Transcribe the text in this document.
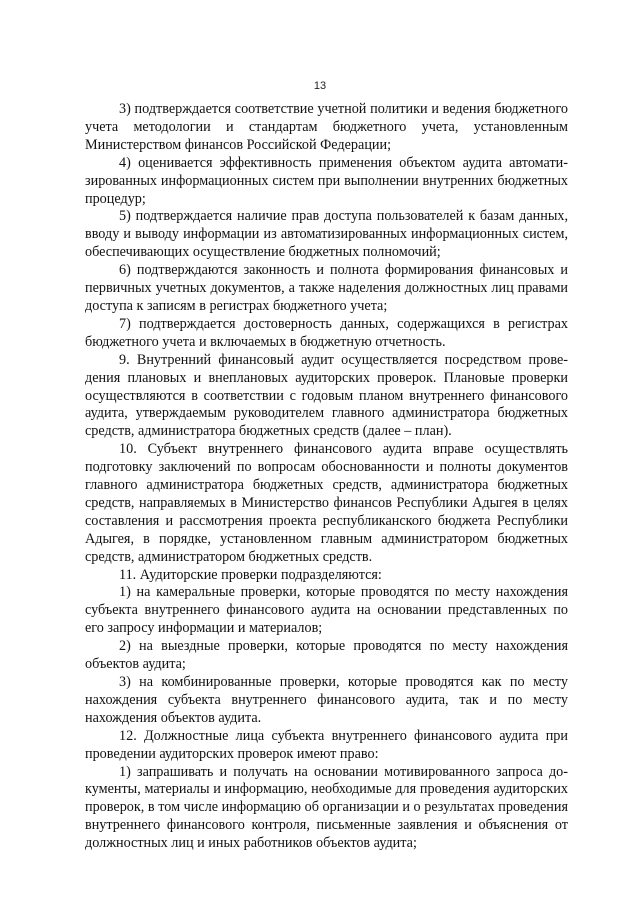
13

3) подтверждается соответствие учетной политики и ведения бюджетного учета методологии и стандартам бюджетного учета, установленным Министерством финансов Российской Федерации;

4) оценивается эффективность применения объектом аудита автоматизированных информационных систем при выполнении внутренних бюджетных процедур;

5) подтверждается наличие прав доступа пользователей к базам данных, вводу и выводу информации из автоматизированных информационных систем, обеспечивающих осуществление бюджетных полномочий;

6) подтверждаются законность и полнота формирования финансовых и первичных учетных документов, а также наделения должностных лиц правами доступа к записям в регистрах бюджетного учета;

7) подтверждается достоверность данных, содержащихся в регистрах бюджетного учета и включаемых в бюджетную отчетность.

9. Внутренний финансовый аудит осуществляется посредством проведения плановых и внеплановых аудиторских проверок. Плановые проверки осуществляются в соответствии с годовым планом внутреннего финансового аудита, утверждаемым руководителем главного администратора бюджетных средств, администратора бюджетных средств (далее – план).

10. Субъект внутреннего финансового аудита вправе осуществлять подготовку заключений по вопросам обоснованности и полноты документов главного администратора бюджетных средств, администратора бюджетных средств, направляемых в Министерство финансов Республики Адыгея в целях составления и рассмотрения проекта республиканского бюджета Республики Адыгея, в порядке, установленном главным администратором бюджетных средств, администратором бюджетных средств.

11. Аудиторские проверки подразделяются:

1) на камеральные проверки, которые проводятся по месту нахождения субъекта внутреннего финансового аудита на основании представленных по его запросу информации и материалов;

2) на выездные проверки, которые проводятся по месту нахождения объектов аудита;

3) на комбинированные проверки, которые проводятся как по месту нахождения субъекта внутреннего финансового аудита, так и по месту нахождения объектов аудита.

12. Должностные лица субъекта внутреннего финансового аудита при проведении аудиторских проверок имеют право:

1) запрашивать и получать на основании мотивированного запроса документы, материалы и информацию, необходимые для проведения аудиторских проверок, в том числе информацию об организации и о результатах проведения внутреннего финансового контроля, письменные заявления и объяснения от должностных лиц и иных работников объектов аудита;
